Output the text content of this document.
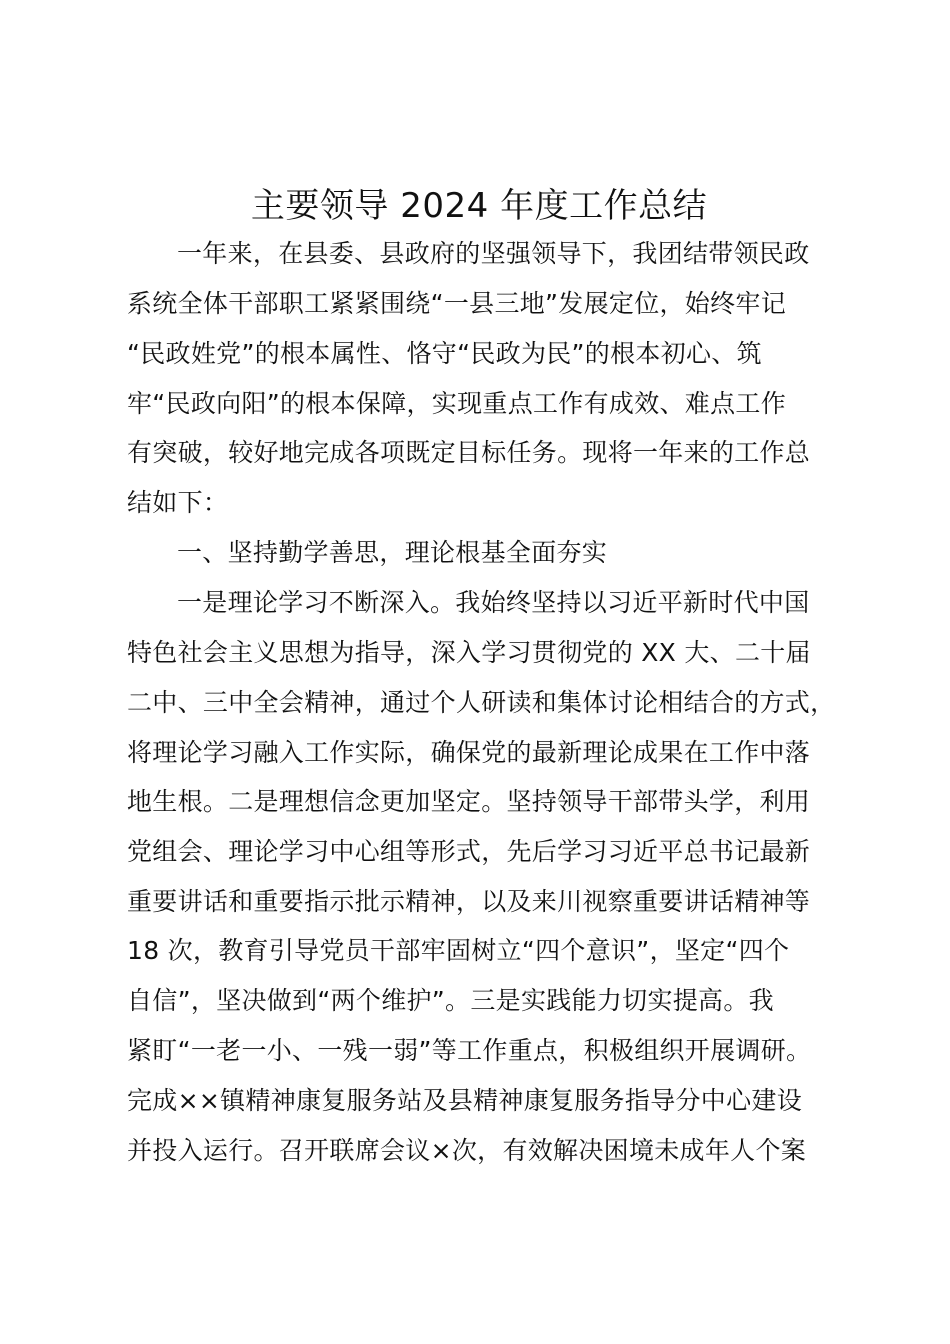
主要领导 2024 年度工作总结
一年来，在县委、县政府的坚强领导下，我团结带领民政
系统全体干部职工紧紧围绕“一县三地”发展定位，始终牢记
“民政姓党”的根本属性、恪守“民政为民”的根本初心、筑
牢“民政向阳”的根本保障，实现重点工作有成效、难点工作
有突破，较好地完成各项既定目标任务。现将一年来的工作总
结如下：
一、坚持勤学善思，理论根基全面夯实
一是理论学习不断深入。我始终坚持以习近平新时代中国
特色社会主义思想为指导，深入学习贯彻党的 XX 大、二十届
二中、三中全会精神，通过个人研读和集体讨论相结合的方式，
将理论学习融入工作实际，确保党的最新理论成果在工作中落
地生根。二是理想信念更加坚定。坚持领导干部带头学，利用
党组会、理论学习中心组等形式，先后学习习近平总书记最新
重要讲话和重要指示批示精神，以及来川视察重要讲话精神等
18 次，教育引导党员干部牢固树立“四个意识”，坚定“四个
自信”，坚决做到“两个维护”。三是实践能力切实提高。我
紧盯“一老一小、一残一弱”等工作重点，积极组织开展调研。
完成××镇精神康复服务站及县精神康复服务指导分中心建设
并投入运行。召开联席会议×次，有效解决困境未成年人个案
